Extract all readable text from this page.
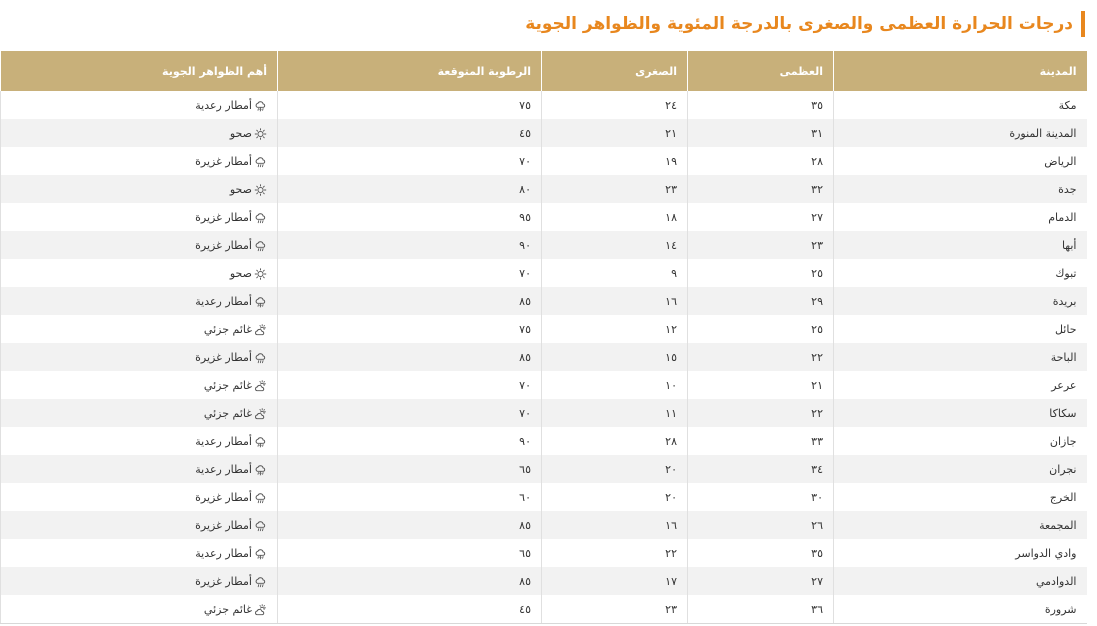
درجات الحرارة العظمى والصغرى بالدرجة المئوية والظواهر الجوية
المدينة	العظمى	الصغرى	الرطوبة المتوقعة	أهم الظواهر الجوية
مكة	٣٥	٢٤	٧٥	أمطار رعدية
المدينة المنورة	٣١	٢١	٤٥	صحو
الرياض	٢٨	١٩	٧٠	أمطار غزيرة
جدة	٣٢	٢٣	٨٠	صحو
الدمام	٢٧	١٨	٩٥	أمطار غزيرة
أبها	٢٣	١٤	٩٠	أمطار غزيرة
تبوك	٢٥	٩	٧٠	صحو
بريدة	٢٩	١٦	٨٥	أمطار رعدية
حائل	٢٥	١٢	٧٥	غائم جزئي
الباحة	٢٢	١٥	٨٥	أمطار غزيرة
عرعر	٢١	١٠	٧٠	غائم جزئي
سكاكا	٢٢	١١	٧٠	غائم جزئي
جازان	٣٣	٢٨	٩٠	أمطار رعدية
نجران	٣٤	٢٠	٦٥	أمطار رعدية
الخرج	٣٠	٢٠	٦٠	أمطار غزيرة
المجمعة	٢٦	١٦	٨٥	أمطار غزيرة
وادي الدواسر	٣٥	٢٢	٦٥	أمطار رعدية
الدوادمي	٢٧	١٧	٨٥	أمطار غزيرة
شرورة	٣٦	٢٣	٤٥	غائم جزئي
